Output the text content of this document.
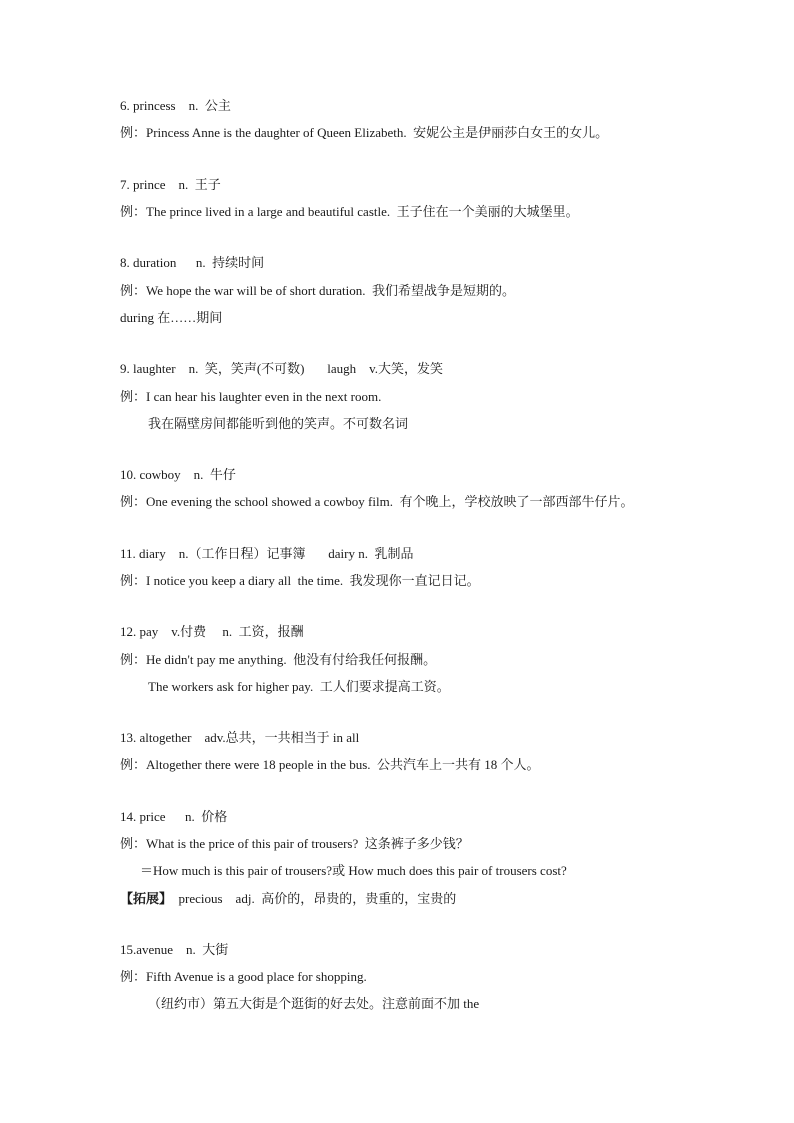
6. princess    n.  公主
例：Princess Anne is the daughter of Queen Elizabeth.  安妮公主是伊丽莎白女王的女儿。
7. prince    n.  王子
例：The prince lived in a large and beautiful castle.  王子住在一个美丽的大城堡里。
8. duration      n.  持续时间
例：We hope the war will be of short duration.  我们希望战争是短期的。
during 在……期间
9. laughter    n.  笑，笑声(不可数)       laugh    v.大笑，发笑
例：I can hear his laughter even in the next room.
我在隔壁房间都能听到他的笑声。不可数名词
10. cowboy    n.  牛仔
例：One evening the school showed a cowboy film.  有个晚上，学校放映了一部西部牛仔片。
11. diary    n.（工作日程）记事簿       dairy n.  乳制品
例：I notice you keep a diary all  the time.  我发现你一直记日记。
12. pay    v.付费     n.  工资，报酬
例：He didn't pay me anything.  他没有付给我任何报酬。
The workers ask for higher pay.  工人们要求提高工资。
13. altogether    adv.总共，一共相当于 in all
例：Altogether there were 18 people in the bus.  公共汽车上一共有 18 个人。
14. price      n.  价格
例：What is the price of this pair of trousers?  这条裤子多少钱？
＝How much is this pair of trousers?或 How much does this pair of trousers cost?
【拓展】  precious    adj.  高价的，昂贵的，贵重的，宝贵的
15.avenue    n.  大街
例：Fifth Avenue is a good place for shopping.
（纽约市）第五大街是个逛街的好去处。注意前面不加 the
